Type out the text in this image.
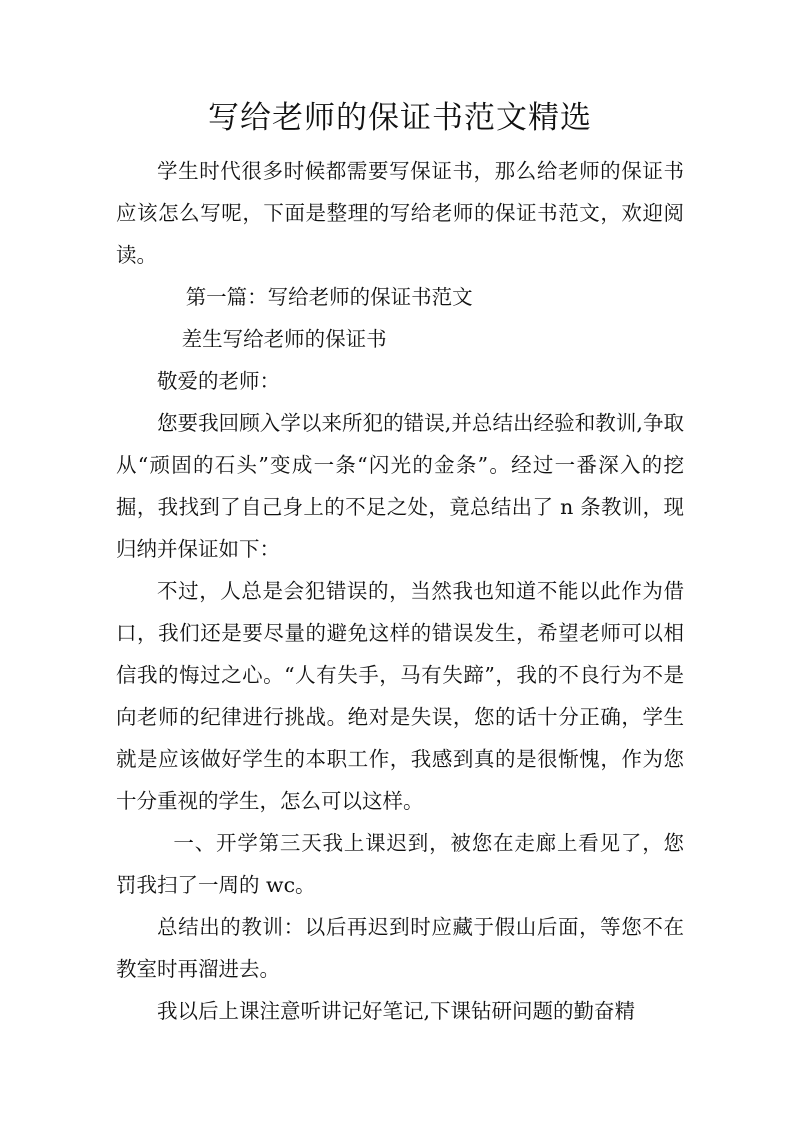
写给老师的保证书范文精选

学生时代很多时候都需要写保证书，那么给老师的保证书应该怎么写呢，下面是整理的写给老师的保证书范文，欢迎阅读。

第一篇：写给老师的保证书范文

差生写给老师的保证书

敬爱的老师：

您要我回顾入学以来所犯的错误,并总结出经验和教训,争取从“顽固的石头”变成一条“闪光的金条”。经过一番深入的挖掘，我找到了自己身上的不足之处，竟总结出了 n 条教训，现归纳并保证如下：

不过，人总是会犯错误的，当然我也知道不能以此作为借口，我们还是要尽量的避免这样的错误发生，希望老师可以相信我的悔过之心。“人有失手，马有失蹄”，我的不良行为不是向老师的纪律进行挑战。绝对是失误，您的话十分正确，学生就是应该做好学生的本职工作，我感到真的是很惭愧，作为您十分重视的学生，怎么可以这样。

一、开学第三天我上课迟到，被您在走廊上看见了，您罚我扫了一周的 wc。

总结出的教训：以后再迟到时应藏于假山后面，等您不在教室时再溜进去。

我以后上课注意听讲记好笔记,下课钻研问题的勤奋精
